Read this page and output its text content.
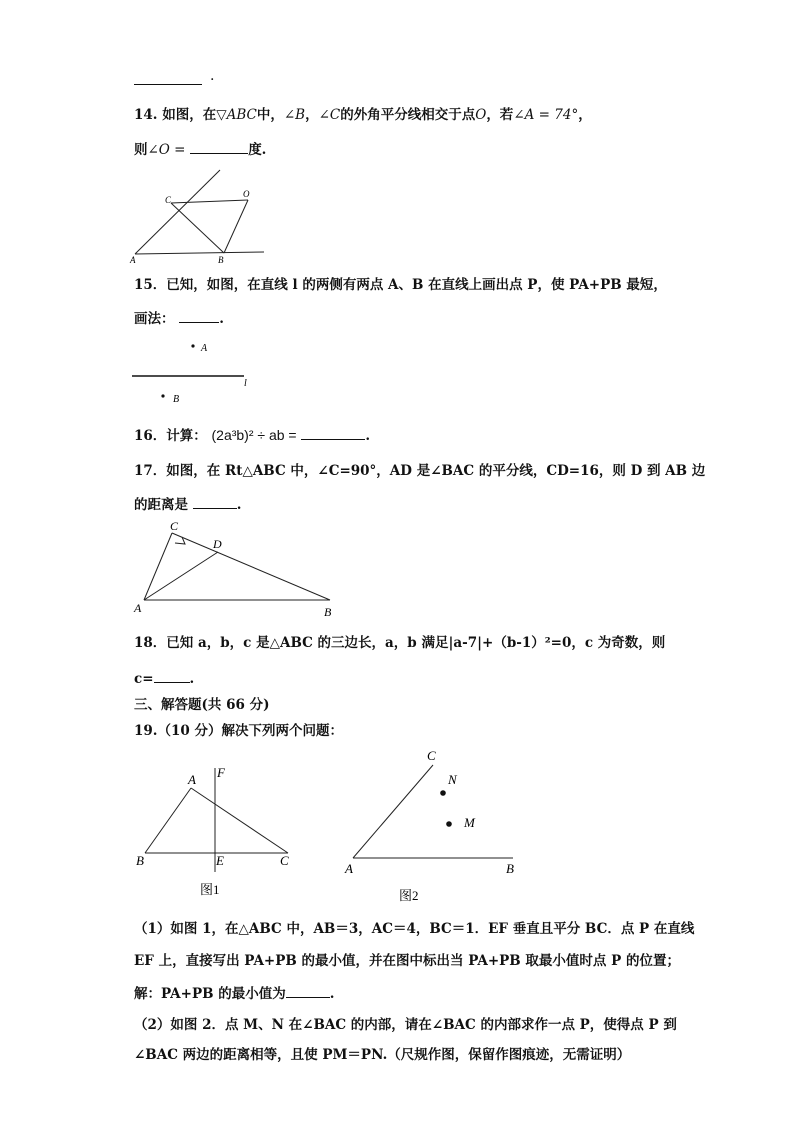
.
14. 如图，在▽ABC中，∠B，∠C的外角平分线相交于点O，若∠A = 74°，
则∠O =	度.
A	B
C
O
15．已知，如图，在直线 l 的两侧有两点 A、B 在直线上画出点 P，使 PA+PB 最短，
画法：	.
A
l
B
16．计算： (2a³b)² ÷ ab =	.
17．如图，在 Rt△ABC 中，∠C=90°，AD 是∠BAC 的平分线，CD=16，则 D 到 AB 边
的距离是	.
A	B
C
D
18．已知 a，b，c 是△ABC 的三边长，a，b 满足|a-7|+（b-1）²=0，c 为奇数，则
c=	.
三、解答题(共 66 分)
19.（10 分）解决下列两个问题：
A F
B	E	C
图1
C
N
M
A	B
图2
（1）如图 1，在△ABC 中，AB＝3，AC＝4，BC＝1．EF 垂直且平分 BC．点 P 在直线
EF 上，直接写出 PA+PB 的最小值，并在图中标出当 PA+PB 取最小值时点 P 的位置；
解：PA+PB 的最小值为	.
（2）如图 2．点 M、N 在∠BAC 的内部，请在∠BAC 的内部求作一点 P，使得点 P 到
∠BAC 两边的距离相等，且使 PM＝PN.（尺规作图，保留作图痕迹，无需证明）
